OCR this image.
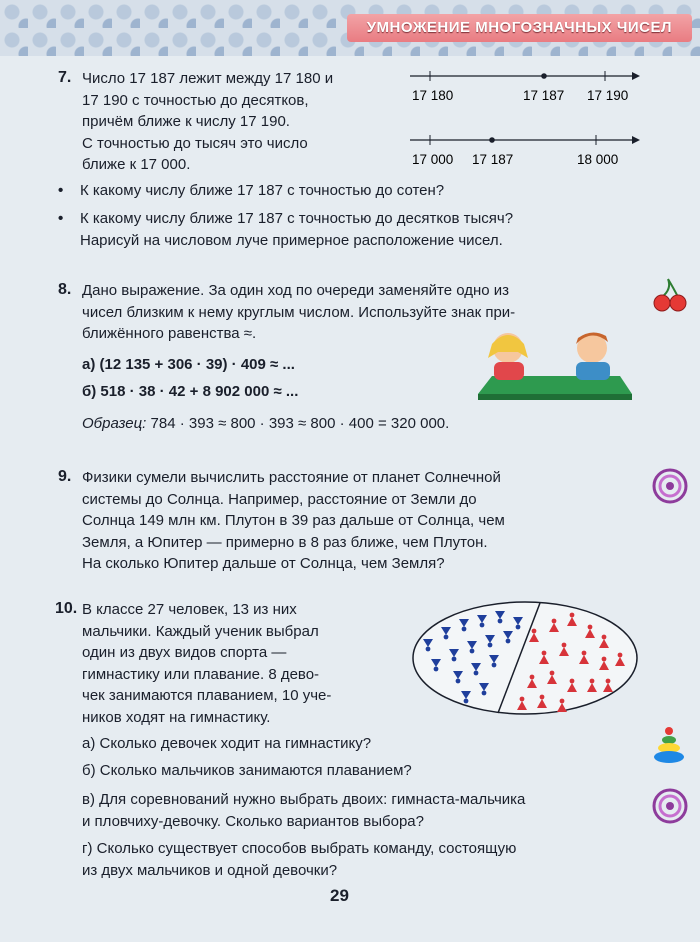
УМНОЖЕНИЕ МНОГОЗНАЧНЫХ ЧИСЕЛ
7. Число 17 187 лежит между 17 180 и
17 190 с точностью до десятков,
причём ближе к числу 17 190.
С точностью до тысяч это число
ближе к 17 000.
17 180	17 187 17 190
17 000 17 187	18 000
• К какому числу ближе 17 187 с точностью до сотен?
• К какому числу ближе 17 187 с точностью до десятков тысяч?
Нарисуй на числовом луче примерное расположение чисел.
8. Дано выражение. За один ход по очереди заменяйте одно из
чисел близким к нему круглым числом. Используйте знак при-
ближённого равенства ≈.
а) (12 135 + 306 · 39) · 409 ≈ ...
б) 518 · 38 · 42 + 8 902 000 ≈ ...
Образец: 784 · 393 ≈ 800 · 393 ≈ 800 · 400 = 320 000.
9. Физики сумели вычислить расстояние от планет Солнечной
системы до Солнца. Например, расстояние от Земли до
Солнца 149 млн км. Плутон в 39 раз дальше от Солнца, чем
Земля, а Юпитер — примерно в 8 раз ближе, чем Плутон.
На сколько Юпитер дальше от Солнца, чем Земля?
10. В классе 27 человек, 13 из них
мальчики. Каждый ученик выбрал
один из двух видов спорта —
гимнастику или плавание. 8 дево-
чек занимаются плаванием, 10 уче-
ников ходят на гимнастику.
а) Сколько девочек ходит на гимнастику?
б) Сколько мальчиков занимаются плаванием?
в) Для соревнований нужно выбрать двоих: гимнаста-мальчика
и пловчиху-девочку. Сколько вариантов выбора?
г) Сколько существует способов выбрать команду, состоящую
из двух мальчиков и одной девочки?
29
